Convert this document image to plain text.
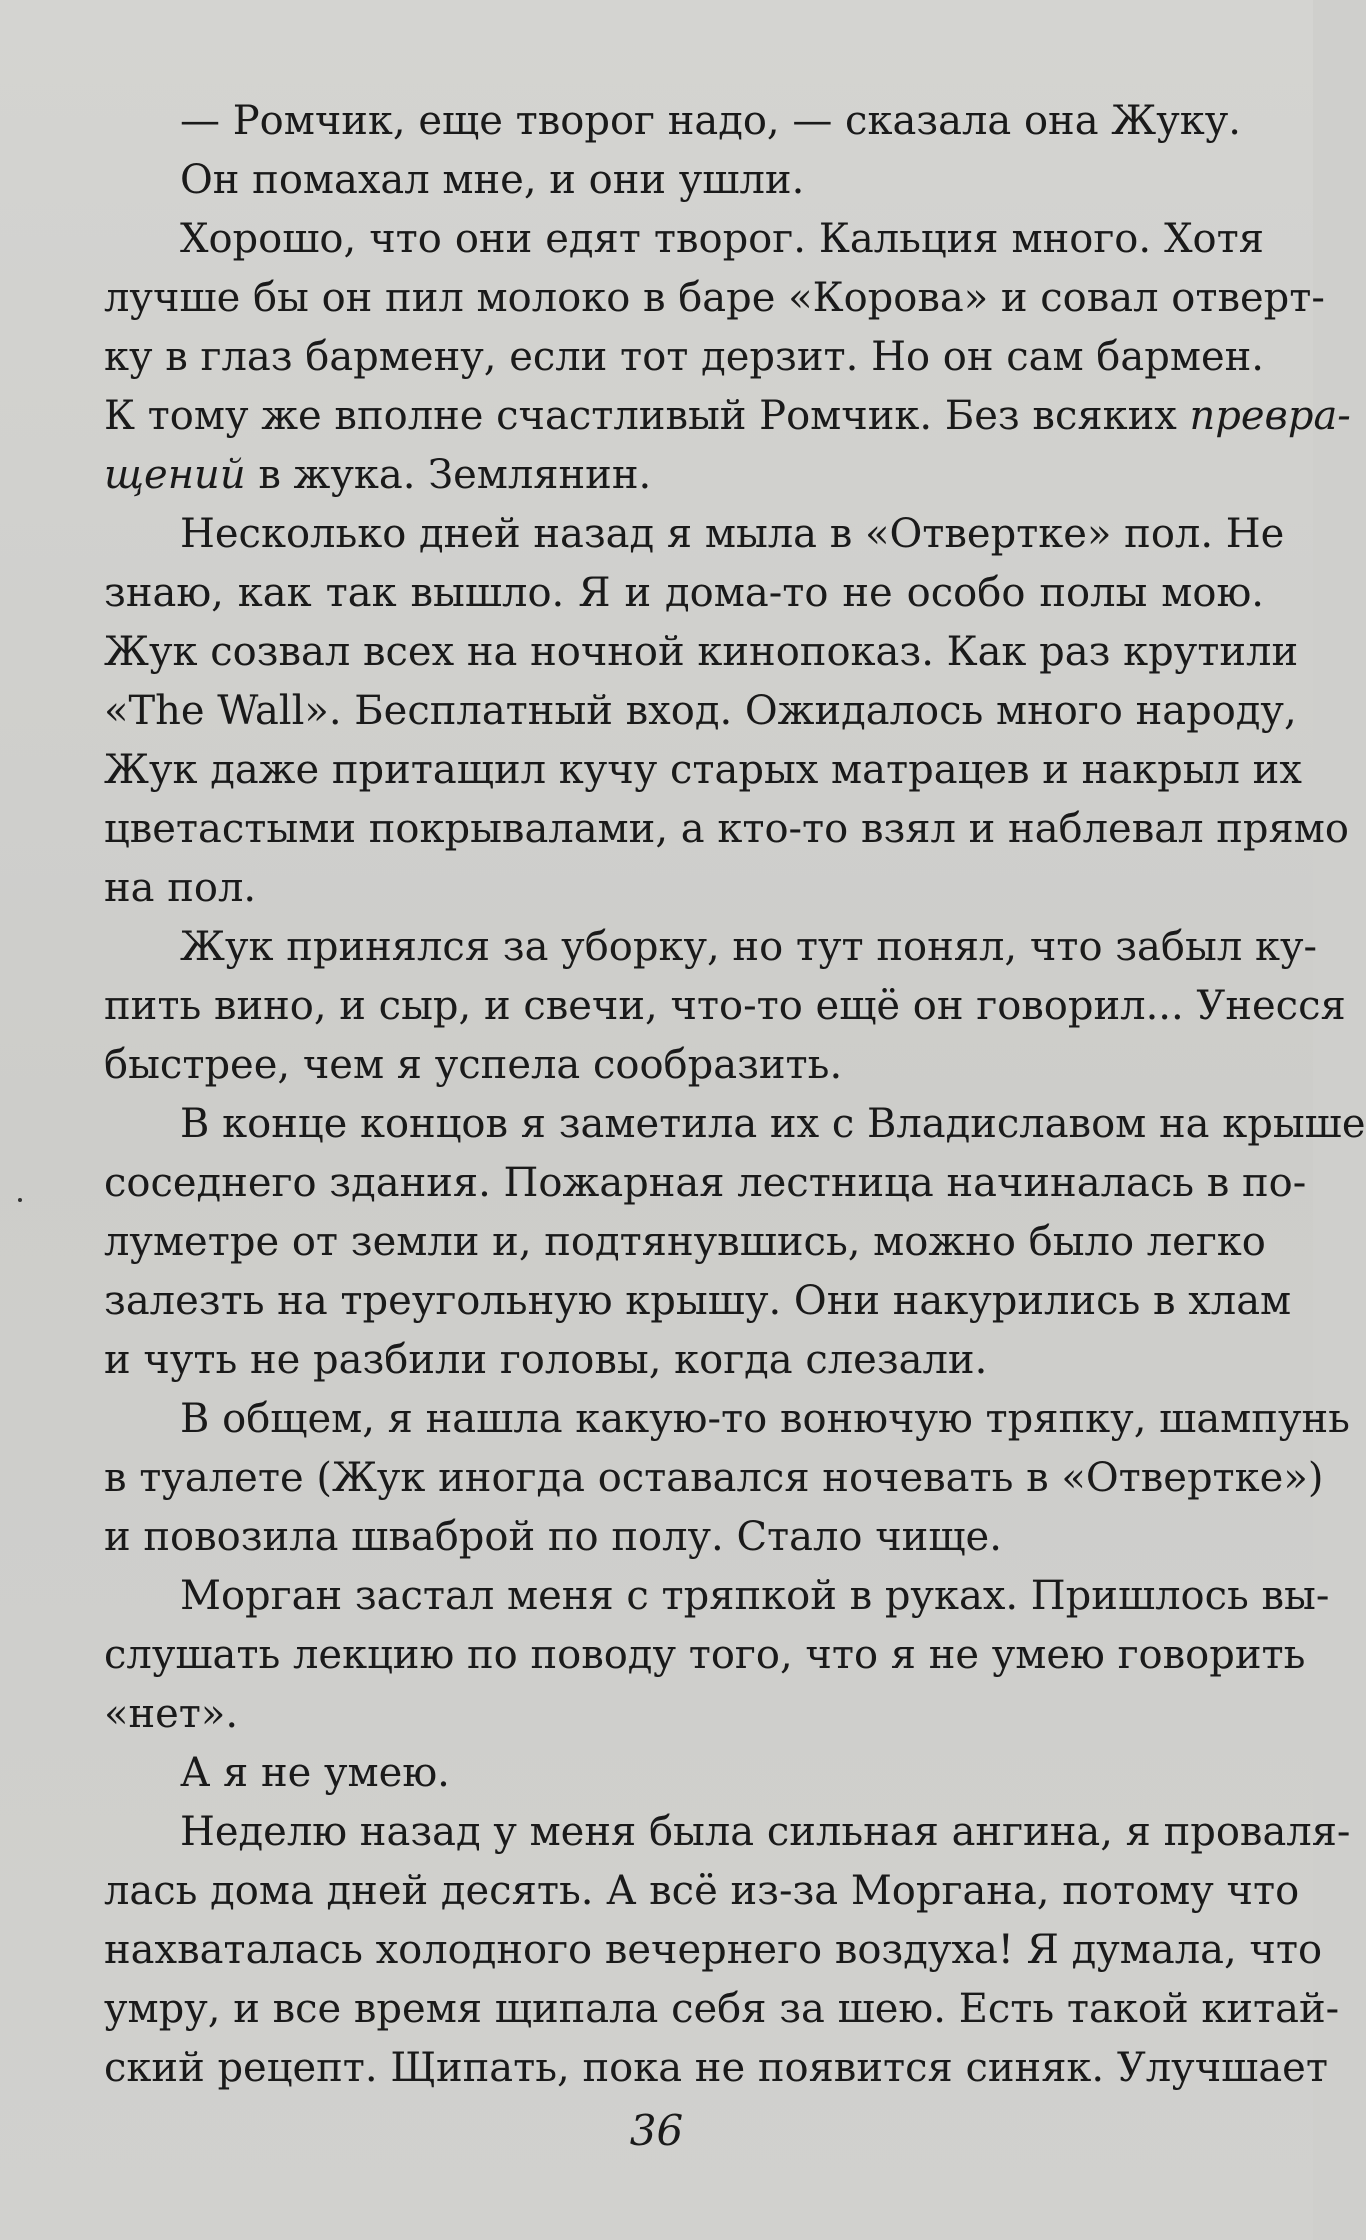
— Ромчик, еще творог надо, — сказала она Жуку.

Он помахал мне, и они ушли.

Хорошо, что они едят творог. Кальция много. Хотя
лучше бы он пил молоко в баре «Корова» и совал отверт-
ку в глаз бармену, если тот дерзит. Но он сам бармен.
К тому же вполне счастливый Ромчик. Без всяких превра-
щений в жука. Землянин.

Несколько дней назад я мыла в «Отвертке» пол. Не
знаю, как так вышло. Я и дома-то не особо полы мою.
Жук созвал всех на ночной кинопоказ. Как раз крутили
«The Wall». Бесплатный вход. Ожидалось много народу,
Жук даже притащил кучу старых матрацев и накрыл их
цветастыми покрывалами, а кто-то взял и наблевал прямо
на пол.

Жук принялся за уборку, но тут понял, что забыл ку-
пить вино, и сыр, и свечи, что-то ещё он говорил... Унесся
быстрее, чем я успела сообразить.

В конце концов я заметила их с Владиславом на крыше
соседнего здания. Пожарная лестница начиналась в по-
луметре от земли и, подтянувшись, можно было легко
залезть на треугольную крышу. Они накурились в хлам
и чуть не разбили головы, когда слезали.

В общем, я нашла какую-то вонючую тряпку, шампунь
в туалете (Жук иногда оставался ночевать в «Отвертке»)
и повозила шваброй по полу. Стало чище.

Морган застал меня с тряпкой в руках. Пришлось вы-
слушать лекцию по поводу того, что я не умею говорить
«нет».

А я не умею.

Неделю назад у меня была сильная ангина, я проваля-
лась дома дней десять. А всё из-за Моргана, потому что
нахваталась холодного вечернего воздуха! Я думала, что
умру, и все время щипала себя за шею. Есть такой китай-
ский рецепт. Щипать, пока не появится синяк. Улучшает

36
